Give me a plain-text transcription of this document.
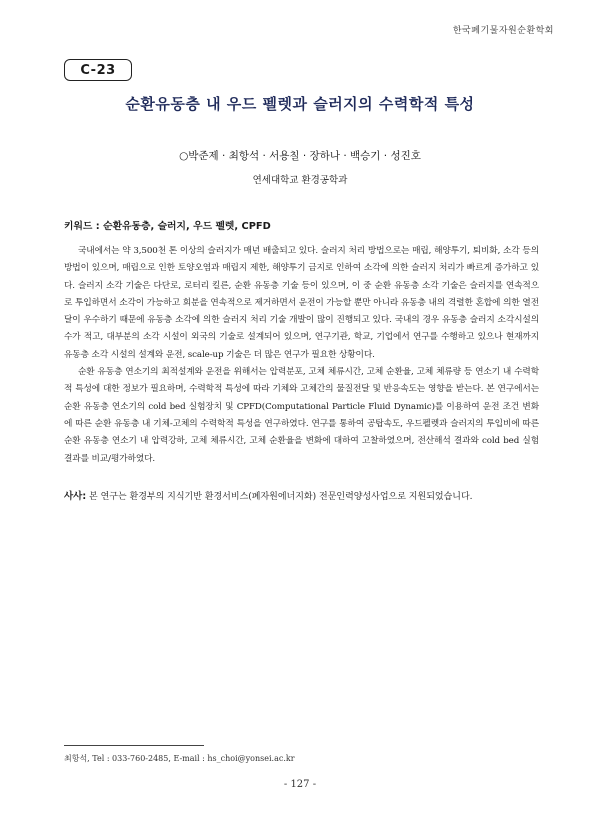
한국폐기물자원순환학회
C-23
순환유동층 내 우드 펠렛과 슬러지의 수력학적 특성
○박준제 · 최항석 · 서용칠 · 장하나 · 백승기 · 성진호
연세대학교 환경공학과
키워드 : 순환유동층, 슬러지, 우드 펠렛, CPFD

국내에서는 약 3,500천 톤 이상의 슬러지가 매년 배출되고 있다. 슬러지 처리 방법으로는 매립, 해양투기, 퇴비화, 소각 등의 방법이 있으며, 매립으로 인한 토양오염과 매립지 제한, 해양투기 금지로 인하여 소각에 의한 슬러지 처리가 빠르게 증가하고 있다. 슬러지 소각 기술은 다단로, 로터리 킬른, 순환 유동층 기술 등이 있으며, 이 중 순환 유동층 소각 기술은 슬러지를 연속적으로 투입하면서 소각이 가능하고 회분을 연속적으로 제거하면서 운전이 가능할 뿐만 아니라 유동층 내의 격렬한 혼합에 의한 열전달이 우수하기 때문에 유동층 소각에 의한 슬러지 처리 기술 개발이 많이 진행되고 있다. 국내의 경우 유동층 슬러지 소각시설의 수가 적고, 대부분의 소각 시설이 외국의 기술로 설계되어 있으며, 연구기관, 학교, 기업에서 연구를 수행하고 있으나 현재까지 유동층 소각 시설의 설계와 운전, scale-up 기술은 더 많은 연구가 필요한 상황이다.

순환 유동층 연소기의 최적설계와 운전을 위해서는 압력분포, 고체 체류시간, 고체 순환율, 고체 체류량 등 연소기 내 수력학적 특성에 대한 정보가 필요하며, 수력학적 특성에 따라 기체와 고체간의 물질전달 및 반응속도는 영향을 받는다. 본 연구에서는 순환 유동층 연소기의 cold bed 실험장치 및 CPFD(Computational Particle Fluid Dynamic)를 이용하여 운전 조건 변화에 따른 순환 유동층 내 기체-고체의 수력학적 특성을 연구하였다. 연구를 통하여 공탑속도, 우드펠렛과 슬러지의 투입비에 따른 순환 유동층 연소기 내 압력강하, 고체 체류시간, 고체 순환율을 변화에 대하여 고찰하였으며, 전산해석 결과와 cold bed 실험 결과를 비교/평가하였다.

사사: 본 연구는 환경부의 지식기반 환경서비스(폐자원에너지화) 전문인력양성사업으로 지원되었습니다.
최항석, Tel : 033-760-2485, E-mail : hs_choi@yonsei.ac.kr
- 127 -
